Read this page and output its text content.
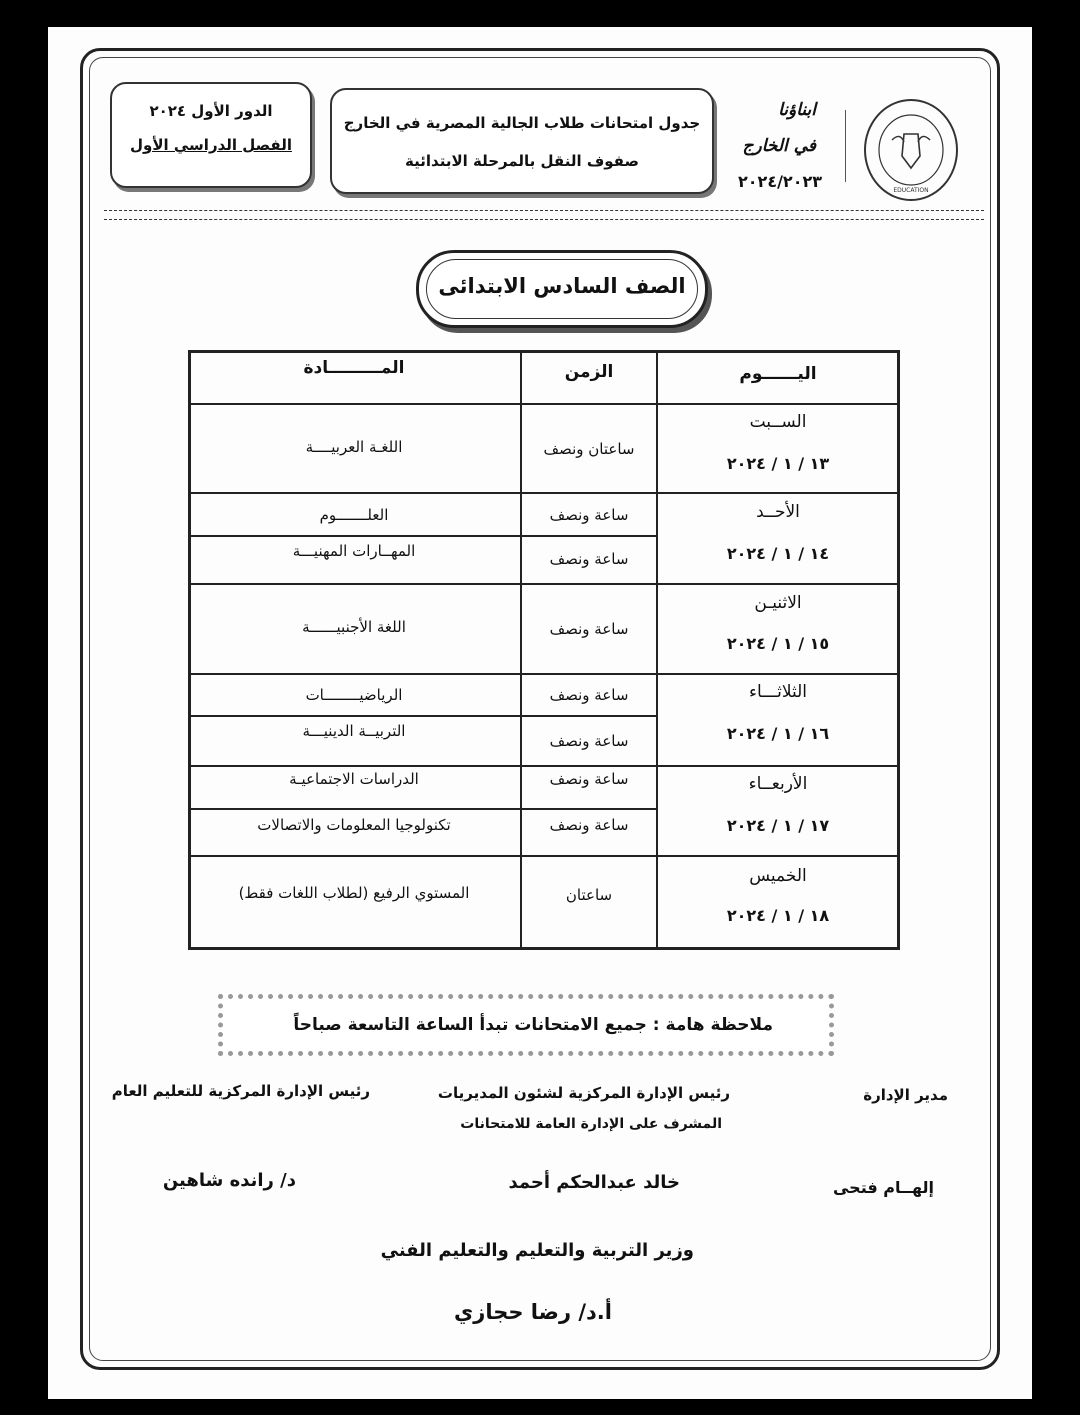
EDUCATION
ابناؤنا
في الخارج
٢٠٢٤/٢٠٢٣
جدول امتحانات طلاب الجالية المصرية في الخارج
صفوف النقل بالمرحلة الابتدائية
الدور الأول ٢٠٢٤
الفصل الدراسي الأول
الصف السادس الابتدائى
اليــــــوم
الزمن
المـــــــــادة
الســبت
١٣ / ١ / ٢٠٢٤
الأحــد
١٤ / ١ / ٢٠٢٤
الاثنيـن
١٥ / ١ / ٢٠٢٤
الثلاثـــاء
١٦ / ١ / ٢٠٢٤
الأربعــاء
١٧ / ١ / ٢٠٢٤
الخميس
١٨ / ١ / ٢٠٢٤
ساعتان ونصف
اللغـة العربيــــة
ساعة ونصف
العلـــــــوم
ساعة ونصف
المهــارات المهنيـــة
ساعة ونصف
اللغة الأجنبيــــــة
ساعة ونصف
الرياضيــــــــات
ساعة ونصف
التربيــة الدينيـــة
ساعة ونصف
الدراسات الاجتماعيـة
ساعة ونصف
تكنولوجيا المعلومات والاتصالات
ساعتان
المستوي الرفيع (لطلاب اللغات فقط)
ملاحظة هامة : جميع الامتحانات تبدأ الساعة التاسعة صباحاً
مدير الإدارة
رئيس الإدارة المركزية لشئون المديريات
المشرف على الإدارة العامة للامتحانات
رئيس الإدارة المركزية للتعليم العام
إلهــام فتحى
خالد عبدالحكم أحمد
د/ رانده شاهين
وزير التربية والتعليم والتعليم الفني
أ.د/ رضا حجازي
